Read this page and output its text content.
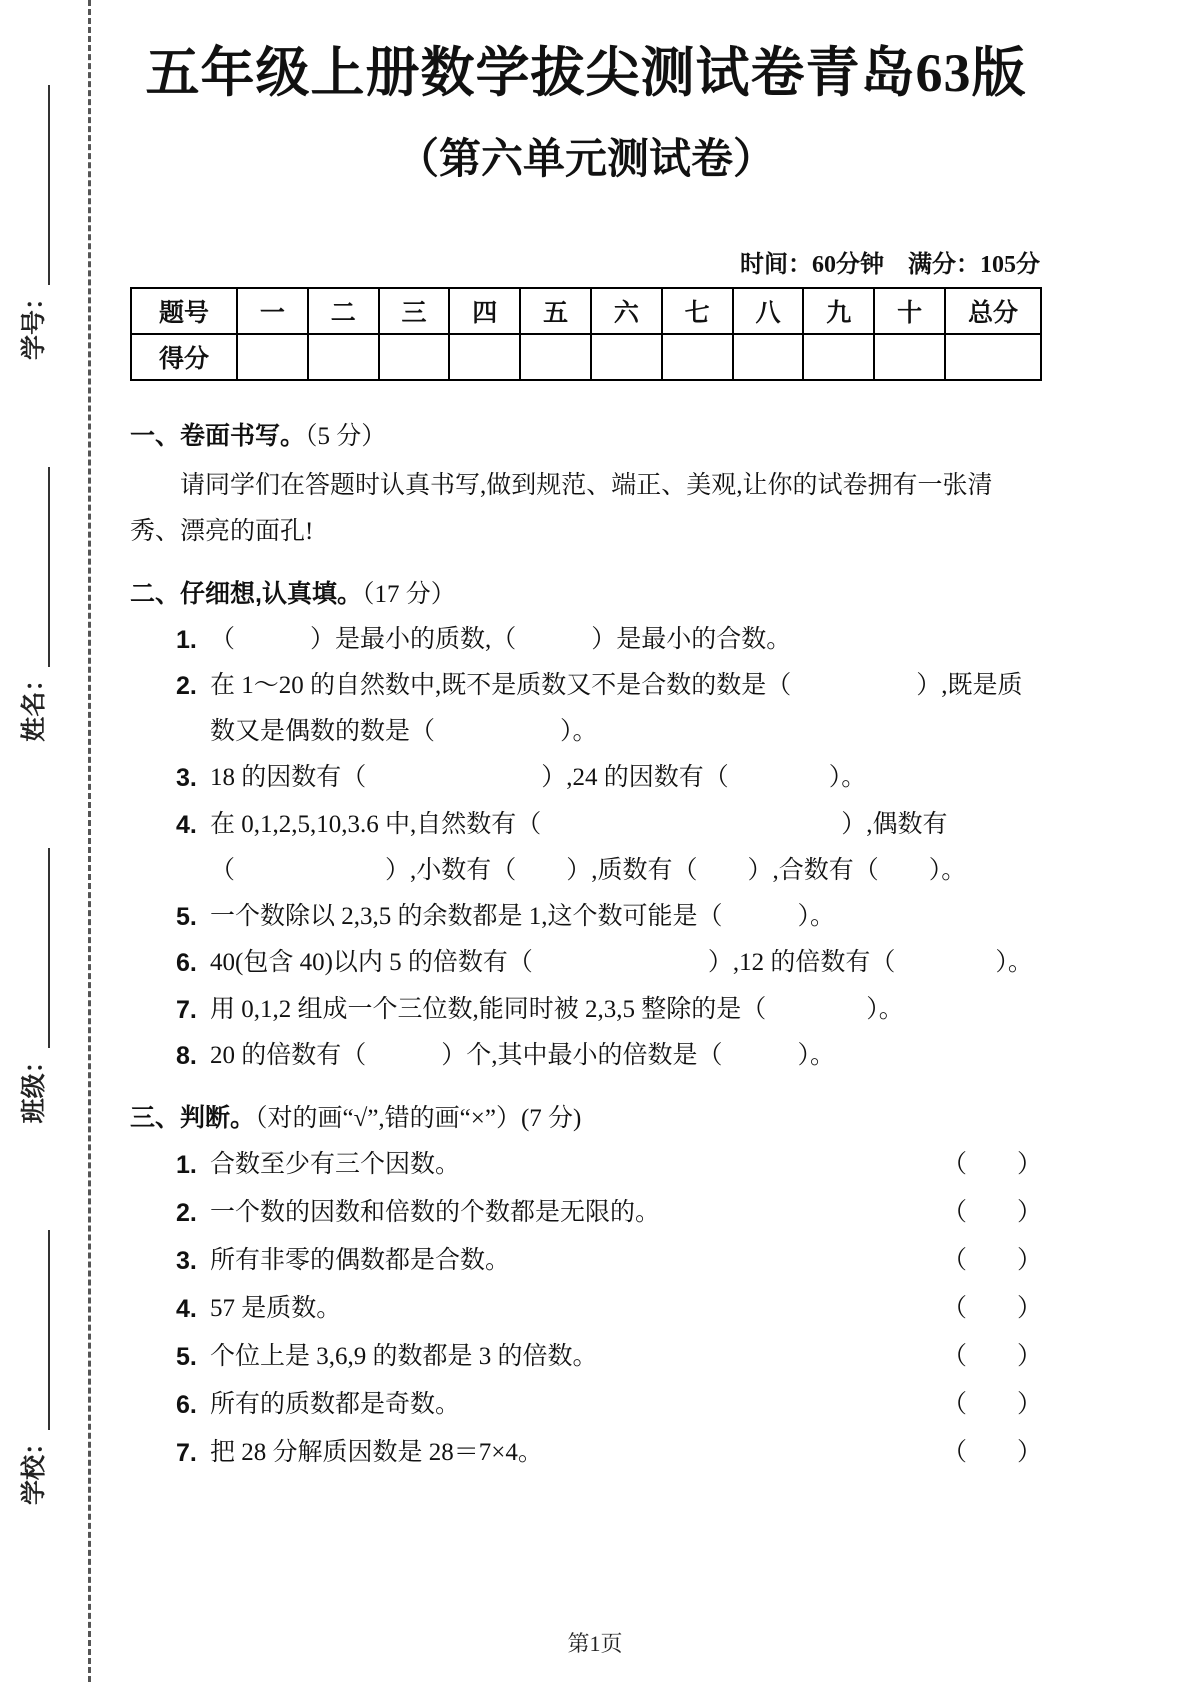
学校：
班级：
姓名：
学号：
五年级上册数学拔尖测试卷青岛63版
（第六单元测试卷）
时间：60分钟　满分：105分
题号	一	二	三	四	五	六	七	八	九	十	总分
得分											
一、卷面书写。（5 分）
请同学们在答题时认真书写,做到规范、端正、美观,让你的试卷拥有一张清秀、漂亮的面孔!
二、仔细想,认真填。（17 分）
1. （　　　）是最小的质数,（　　　）是最小的合数。
2. 在 1～20 的自然数中,既不是质数又不是合数的数是（　　　　　）,既是质数又是偶数的数是（　　　　　）。
3. 18 的因数有（　　　　　　　）,24 的因数有（　　　　）。
4. 在 0,1,2,5,10,3.6 中,自然数有（　　　　　　　　　　　　）,偶数有（　　　　　　）,小数有（　　）,质数有（　　）,合数有（　　）。
5. 一个数除以 2,3,5 的余数都是 1,这个数可能是（　　　）。
6. 40(包含 40)以内 5 的倍数有（　　　　　　　）,12 的倍数有（　　　　）。
7. 用 0,1,2 组成一个三位数,能同时被 2,3,5 整除的是（　　　　）。
8. 20 的倍数有（　　　）个,其中最小的倍数是（　　　）。
三、判断。（对的画“√”,错的画“×”）(7 分)
1. 合数至少有三个因数。	（　　）
2. 一个数的因数和倍数的个数都是无限的。	（　　）
3. 所有非零的偶数都是合数。	（　　）
4. 57 是质数。	（　　）
5. 个位上是 3,6,9 的数都是 3 的倍数。	（　　）
6. 所有的质数都是奇数。	（　　）
7. 把 28 分解质因数是 28＝7×4。	（　　）
第1页
